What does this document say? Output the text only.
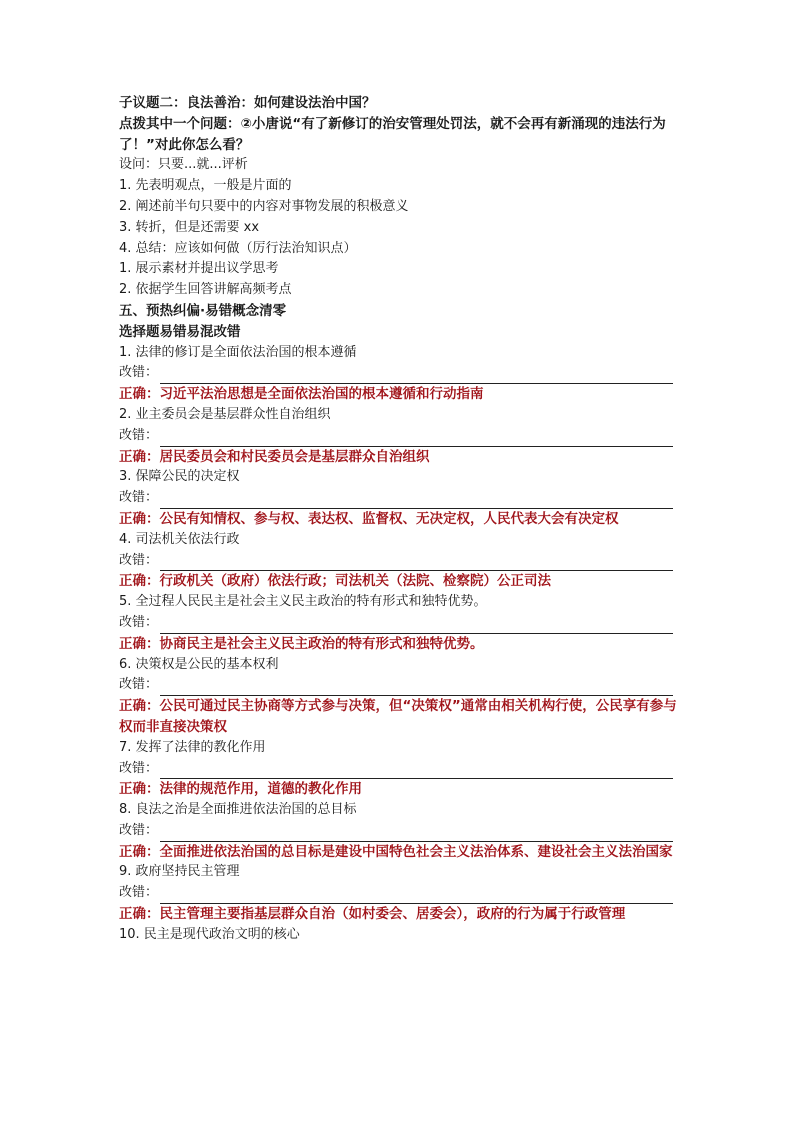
子议题二：良法善治：如何建设法治中国？
点拨其中一个问题：②小唐说“有了新修订的治安管理处罚法，就不会再有新涌现的违法行为了！”对此你怎么看？
设问：只要...就...评析
1. 先表明观点，一般是片面的
2. 阐述前半句只要中的内容对事物发展的积极意义
3. 转折，但是还需要 xx
4. 总结：应该如何做（厉行法治知识点）
1. 展示素材并提出议学思考
2. 依据学生回答讲解高频考点
五、预热纠偏·易错概念清零
选择题易错易混改错
1. 法律的修订是全面依法治国的根本遵循
改错：
正确：习近平法治思想是全面依法治国的根本遵循和行动指南
2. 业主委员会是基层群众性自治组织
改错：
正确：居民委员会和村民委员会是基层群众自治组织
3. 保障公民的决定权
改错：
正确：公民有知情权、参与权、表达权、监督权、无决定权，人民代表大会有决定权
4. 司法机关依法行政
改错：
正确：行政机关（政府）依法行政；司法机关（法院、检察院）公正司法
5. 全过程人民民主是社会主义民主政治的特有形式和独特优势。
改错：
正确：协商民主是社会主义民主政治的特有形式和独特优势。
6. 决策权是公民的基本权利
改错：
正确：公民可通过民主协商等方式参与决策，但“决策权”通常由相关机构行使，公民享有参与权而非直接决策权
7. 发挥了法律的教化作用
改错：
正确：法律的规范作用，道德的教化作用
8. 良法之治是全面推进依法治国的总目标
改错：
正确：全面推进依法治国的总目标是建设中国特色社会主义法治体系、建设社会主义法治国家
9. 政府坚持民主管理
改错：
正确：民主管理主要指基层群众自治（如村委会、居委会），政府的行为属于行政管理
10. 民主是现代政治文明的核心
